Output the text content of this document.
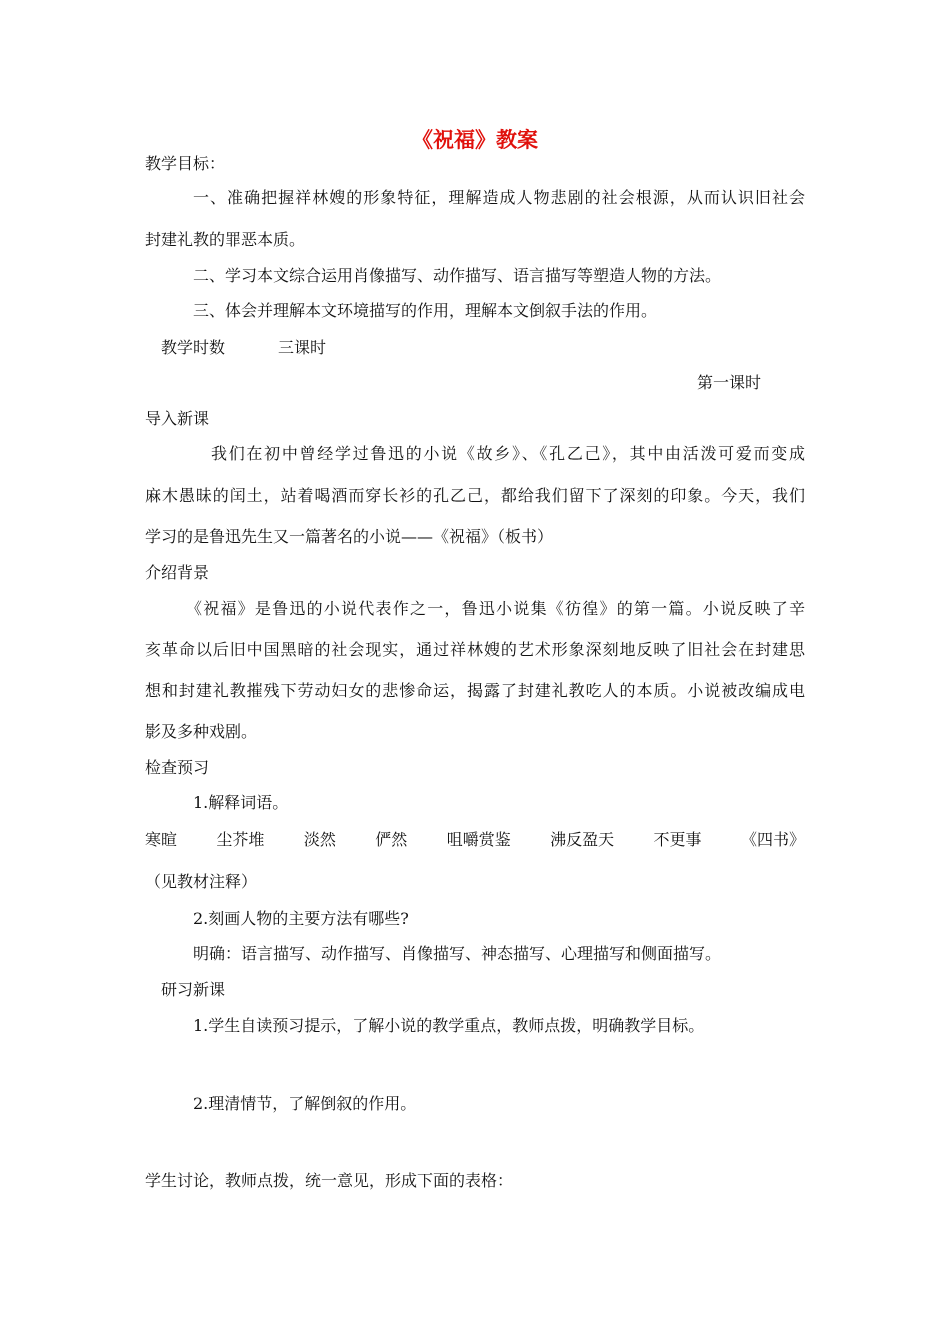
《祝福》教案
教学目标：
一、准确把握祥林嫂的形象特征，理解造成人物悲剧的社会根源，从而认识旧社会
封建礼教的罪恶本质。
二、学习本文综合运用肖像描写、动作描写、语言描写等塑造人物的方法。
三、体会并理解本文环境描写的作用，理解本文倒叙手法的作用。
教学时数	三课时
第一课时
导入新课
我们在初中曾经学过鲁迅的小说《故乡》、《孔乙己》，其中由活泼可爱而变成
麻木愚昧的闰土，站着喝酒而穿长衫的孔乙己，都给我们留下了深刻的印象。今天，我们
学习的是鲁迅先生又一篇著名的小说——《祝福》（板书）
介绍背景
《祝福》是鲁迅的小说代表作之一，鲁迅小说集《彷徨》的第一篇。小说反映了辛
亥革命以后旧中国黑暗的社会现实，通过祥林嫂的艺术形象深刻地反映了旧社会在封建思
想和封建礼教摧残下劳动妇女的悲惨命运，揭露了封建礼教吃人的本质。小说被改编成电
影及多种戏剧。
检查预习
1.解释词语。
寒暄 尘芥堆 淡然 俨然 咀嚼赏鉴 沸反盈天 不更事 《四书》
（见教材注释）
2.刻画人物的主要方法有哪些?
明确：语言描写、动作描写、肖像描写、神态描写、心理描写和侧面描写。
研习新课
1.学生自读预习提示，了解小说的教学重点，教师点拨，明确教学目标。
2.理清情节，了解倒叙的作用。
学生讨论，教师点拨，统一意见，形成下面的表格：
